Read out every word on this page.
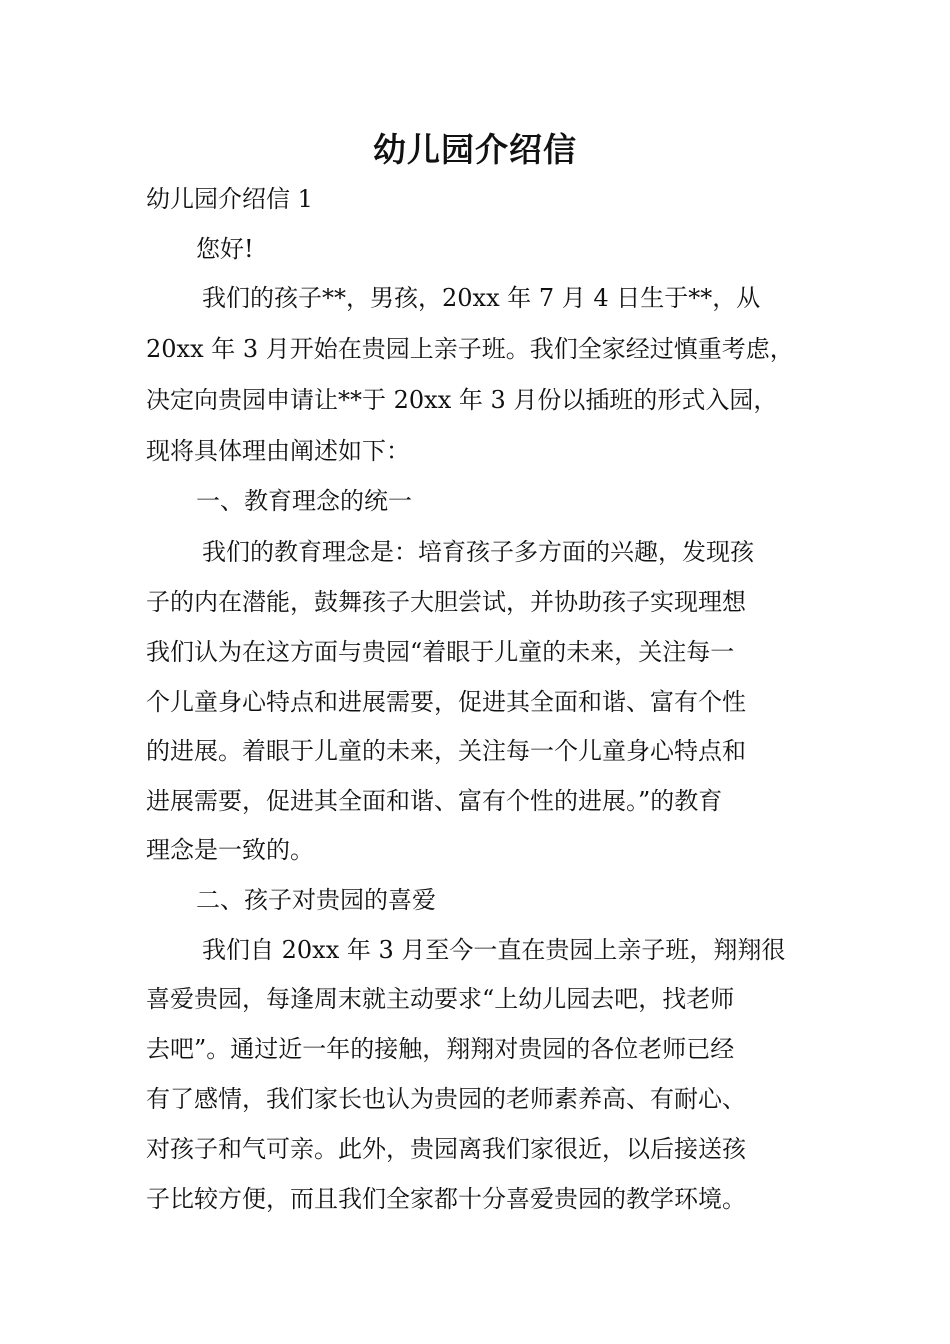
幼儿园介绍信
幼儿园介绍信 1
您好!
我们的孩子**，男孩，20xx 年 7 月 4 日生于**，从
20xx 年 3 月开始在贵园上亲子班。我们全家经过慎重考虑，
决定向贵园申请让**于 20xx 年 3 月份以插班的形式入园，
现将具体理由阐述如下：
一、教育理念的统一
我们的教育理念是：培育孩子多方面的兴趣，发现孩
子的内在潜能，鼓舞孩子大胆尝试，并协助孩子实现理想
我们认为在这方面与贵园“着眼于儿童的未来，关注每一
个儿童身心特点和进展需要，促进其全面和谐、富有个性
的进展。着眼于儿童的未来，关注每一个儿童身心特点和
进展需要，促进其全面和谐、富有个性的进展。”的教育
理念是一致的。
二、孩子对贵园的喜爱
我们自 20xx 年 3 月至今一直在贵园上亲子班，翔翔很
喜爱贵园，每逢周末就主动要求“上幼儿园去吧，找老师
去吧”。通过近一年的接触，翔翔对贵园的各位老师已经
有了感情，我们家长也认为贵园的老师素养高、有耐心、
对孩子和气可亲。此外，贵园离我们家很近，以后接送孩
子比较方便，而且我们全家都十分喜爱贵园的教学环境。
